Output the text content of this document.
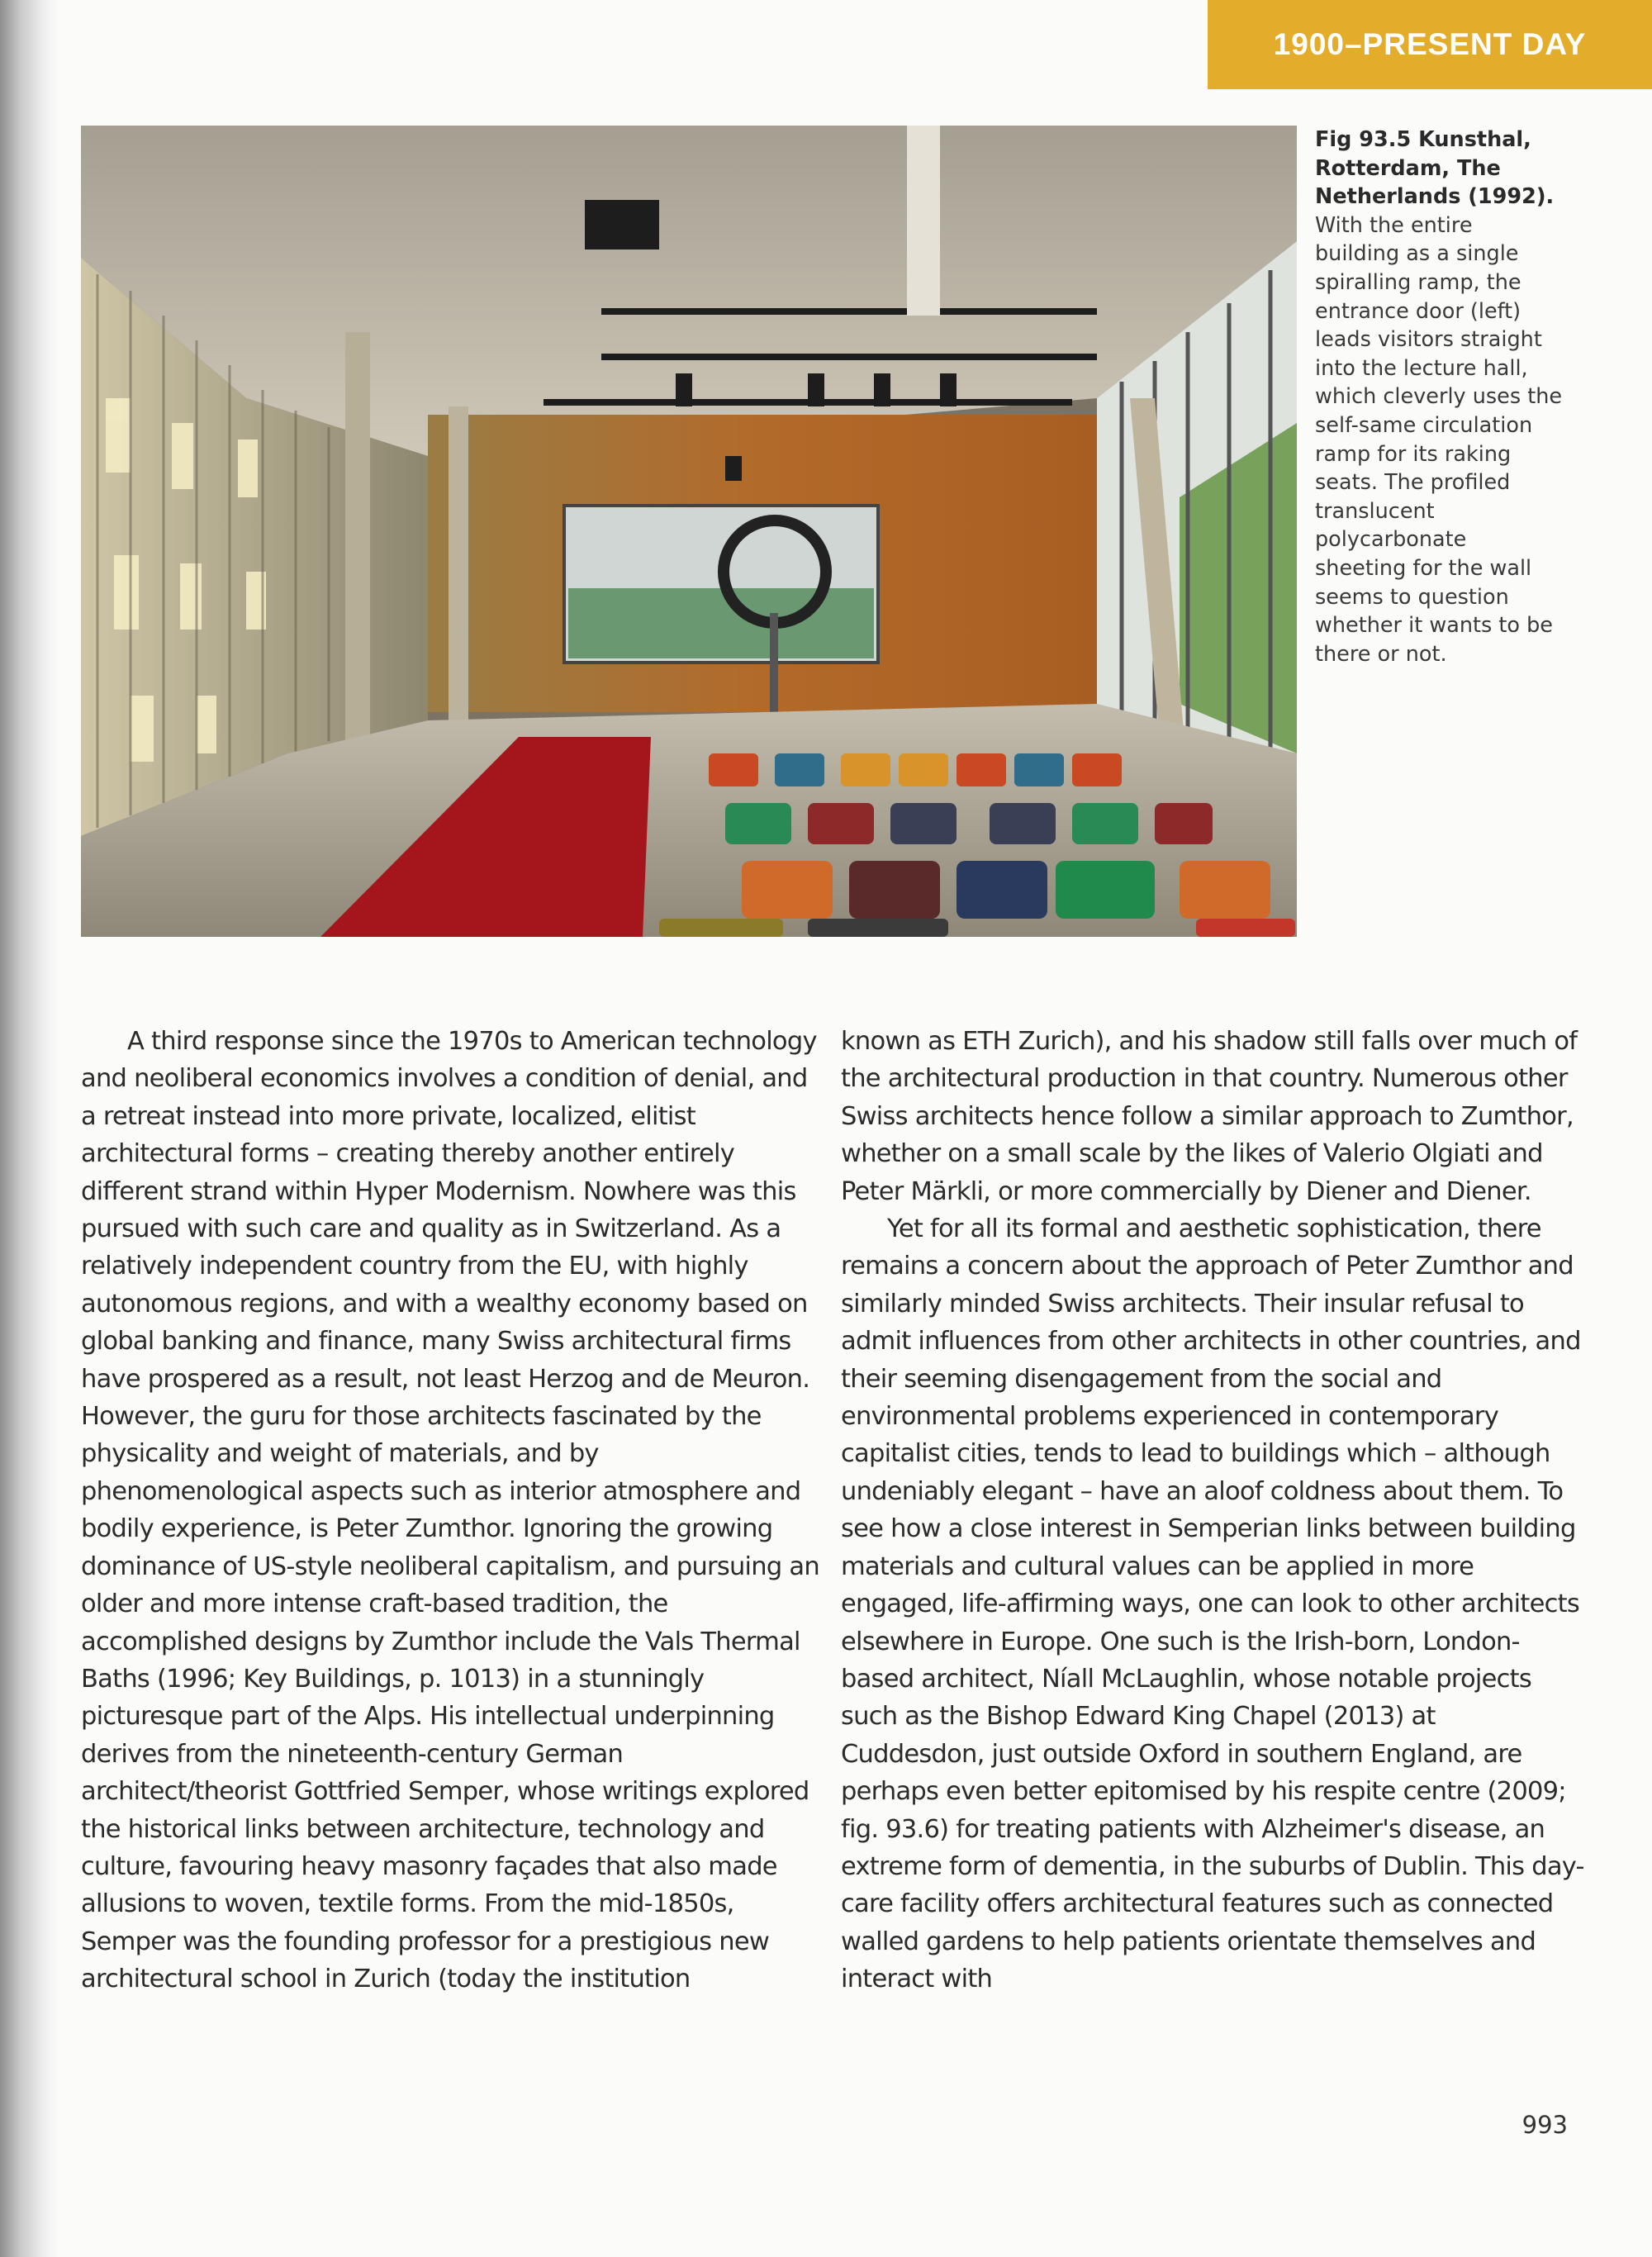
1900–PRESENT DAY
Fig 93.5 Kunsthal, Rotterdam, The Netherlands (1992). With the entire building as a single spiralling ramp, the entrance door (left) leads visitors straight into the lecture hall, which cleverly uses the self-same circulation ramp for its raking seats. The profiled translucent polycarbonate sheeting for the wall seems to question whether it wants to be there or not.

A third response since the 1970s to American technology and neoliberal economics involves a condition of denial, and a retreat instead into more private, localized, elitist architectural forms – creating thereby another entirely different strand within Hyper Modernism. Nowhere was this pursued with such care and quality as in Switzerland. As a relatively independent country from the EU, with highly autonomous regions, and with a wealthy economy based on global banking and finance, many Swiss architectural firms have prospered as a result, not least Herzog and de Meuron. However, the guru for those architects fascinated by the physicality and weight of materials, and by phenomenological aspects such as interior atmosphere and bodily experience, is Peter Zumthor. Ignoring the growing dominance of US-style neoliberal capitalism, and pursuing an older and more intense craft-based tradition, the accomplished designs by Zumthor include the Vals Thermal Baths (1996; Key Buildings, p. 1013) in a stunningly picturesque part of the Alps. His intellectual underpinning derives from the nineteenth-century German architect/theorist Gottfried Semper, whose writings explored the historical links between architecture, technology and culture, favouring heavy masonry façades that also made allusions to woven, textile forms. From the mid-1850s, Semper was the founding professor for a prestigious new architectural school in Zurich (today the institution

known as ETH Zurich), and his shadow still falls over much of the architectural production in that country. Numerous other Swiss architects hence follow a similar approach to Zumthor, whether on a small scale by the likes of Valerio Olgiati and Peter Märkli, or more commercially by Diener and Diener.

Yet for all its formal and aesthetic sophistication, there remains a concern about the approach of Peter Zumthor and similarly minded Swiss architects. Their insular refusal to admit influences from other architects in other countries, and their seeming disengagement from the social and environmental problems experienced in contemporary capitalist cities, tends to lead to buildings which – although undeniably elegant – have an aloof coldness about them. To see how a close interest in Semperian links between building materials and cultural values can be applied in more engaged, life-affirming ways, one can look to other architects elsewhere in Europe. One such is the Irish-born, London-based architect, Níall McLaughlin, whose notable projects such as the Bishop Edward King Chapel (2013) at Cuddesdon, just outside Oxford in southern England, are perhaps even better epitomised by his respite centre (2009; fig. 93.6) for treating patients with Alzheimer's disease, an extreme form of dementia, in the suburbs of Dublin. This day-care facility offers architectural features such as connected walled gardens to help patients orientate themselves and interact with

993
